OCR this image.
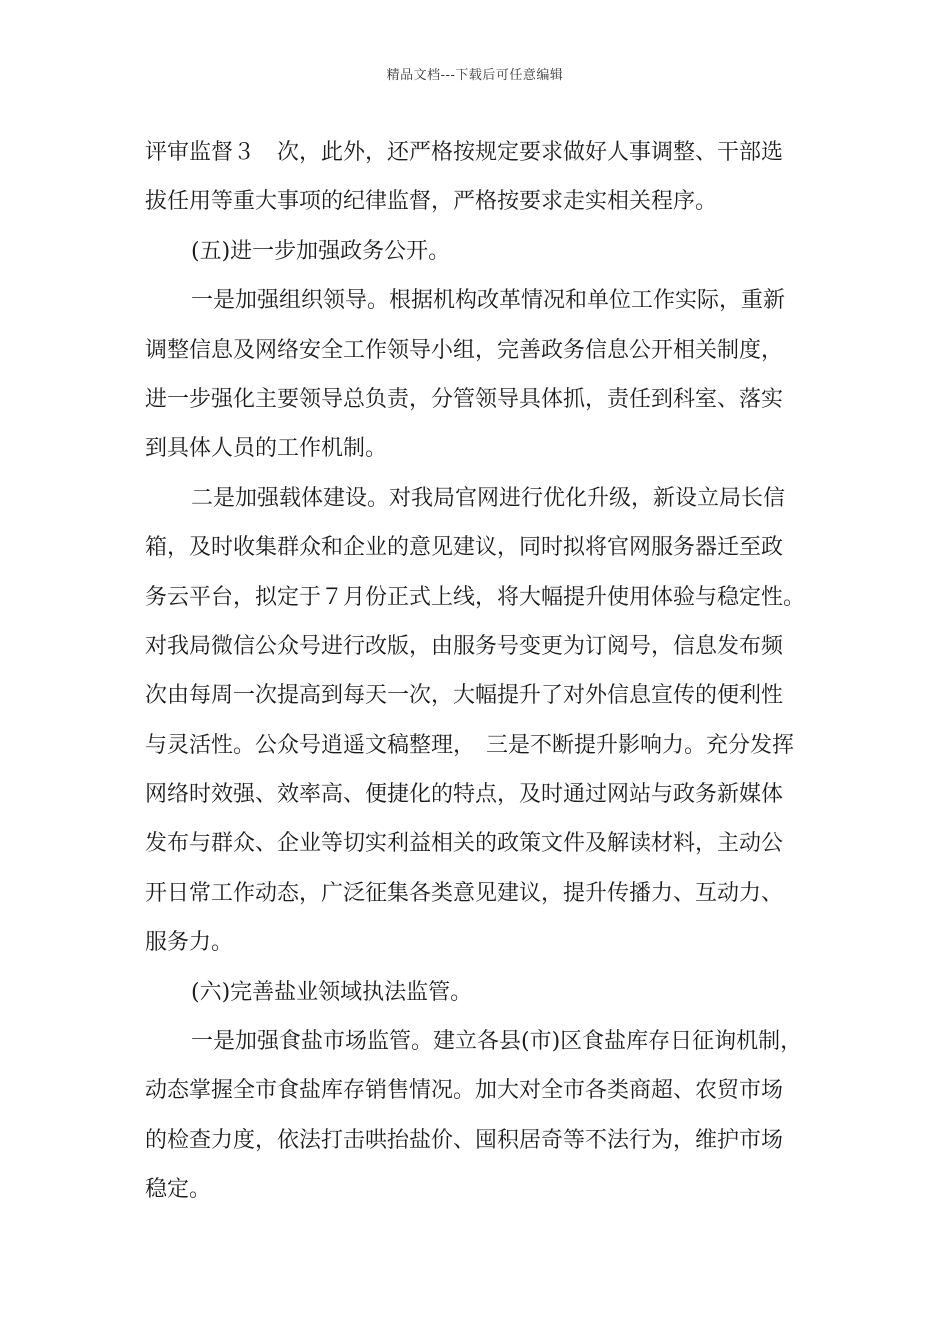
精品文档---下载后可任意编辑
评审监督３　次，此外，还严格按规定要求做好人事调整、干部选
拔任用等重大事项的纪律监督，严格按要求走实相关程序。
(五)进一步加强政务公开。
一是加强组织领导。根据机构改革情况和单位工作实际，重新
调整信息及网络安全工作领导小组，完善政务信息公开相关制度，
进一步强化主要领导总负责，分管领导具体抓，责任到科室、落实
到具体人员的工作机制。
二是加强载体建设。对我局官网进行优化升级，新设立局长信
箱，及时收集群众和企业的意见建议，同时拟将官网服务器迁至政
务云平台，拟定于７月份正式上线，将大幅提升使用体验与稳定性。
对我局微信公众号进行改版，由服务号变更为订阅号，信息发布频
次由每周一次提高到每天一次，大幅提升了对外信息宣传的便利性
与灵活性。公众号逍遥文稿整理，　三是不断提升影响力。充分发挥
网络时效强、效率高、便捷化的特点，及时通过网站与政务新媒体
发布与群众、企业等切实利益相关的政策文件及解读材料，主动公
开日常工作动态，广泛征集各类意见建议，提升传播力、互动力、
服务力。
(六)完善盐业领域执法监管。
一是加强食盐市场监管。建立各县(市)区食盐库存日征询机制，
动态掌握全市食盐库存销售情况。加大对全市各类商超、农贸市场
的检查力度，依法打击哄抬盐价、囤积居奇等不法行为，维护市场
稳定。
